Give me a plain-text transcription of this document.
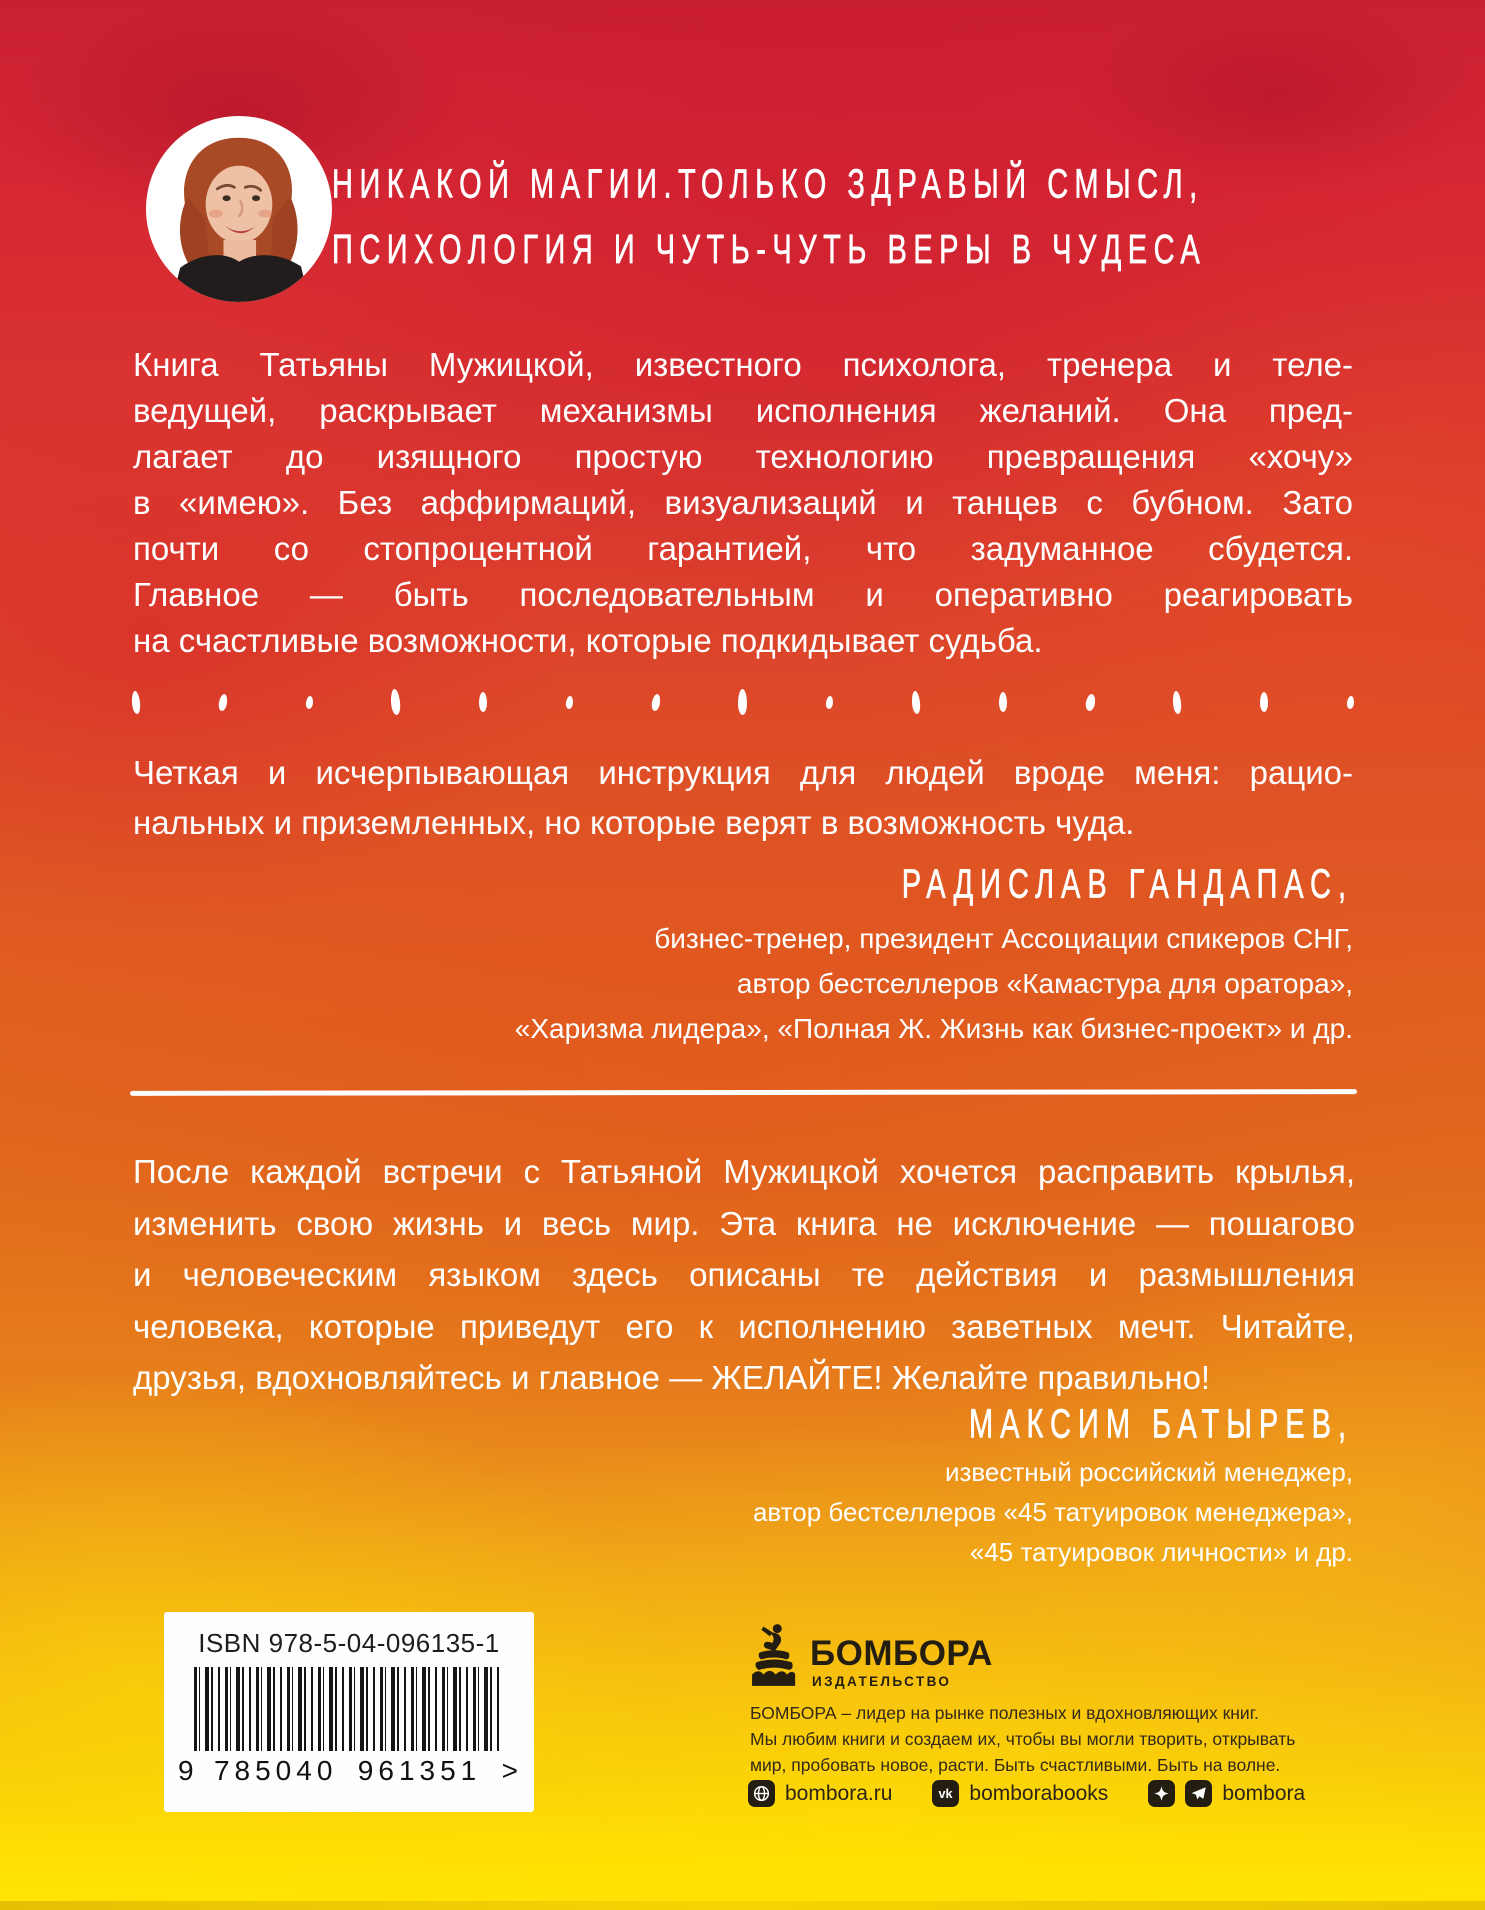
НИКАКОЙ МАГИИ.ТОЛЬКО ЗДРАВЫЙ СМЫСЛ,
ПСИХОЛОГИЯ И ЧУТЬ-ЧУТЬ ВЕРЫ В ЧУДЕСА
Книга Татьяны Мужицкой, известного психолога, тренера и теле-
ведущей, раскрывает механизмы исполнения желаний. Она пред-
лагает до изящного простую технологию превращения «хочу»
в «имею». Без аффирмаций, визуализаций и танцев с бубном. Зато
почти со стопроцентной гарантией, что задуманное сбудется.
Главное — быть последовательным и оперативно реагировать
на счастливые возможности, которые подкидывает судьба.
Четкая и исчерпывающая инструкция для людей вроде меня: рацио-
нальных и приземленных, но которые верят в возможность чуда.
РАДИСЛАВ ГАНДАПАС,
бизнес-тренер, президент Ассоциации спикеров СНГ,
автор бестселлеров «Камастура для оратора»,
«Харизма лидера», «Полная Ж. Жизнь как бизнес-проект» и др.
После каждой встречи с Татьяной Мужицкой хочется расправить крылья,
изменить свою жизнь и весь мир. Эта книга не исключение — пошагово
и человеческим языком здесь описаны те действия и размышления
человека, которые приведут его к исполнению заветных мечт. Читайте,
друзья, вдохновляйтесь и главное — ЖЕЛАЙТЕ! Желайте правильно!
МАКСИМ БАТЫРЕВ,
известный российский менеджер,
автор бестселлеров «45 татуировок менеджера»,
«45 татуировок личности» и др.
ISBN 978-5-04-096135-1
9 785040 961351 >
БОМБОРА
ИЗДАТЕЛЬСТВО
БОМБОРА – лидер на рынке полезных и вдохновляющих книг.
Мы любим книги и создаем их, чтобы вы могли творить, открывать
мир, пробовать новое, расти. Быть счастливыми. Быть на волне.
bombora.ru	vk bomborabooks	bombora
